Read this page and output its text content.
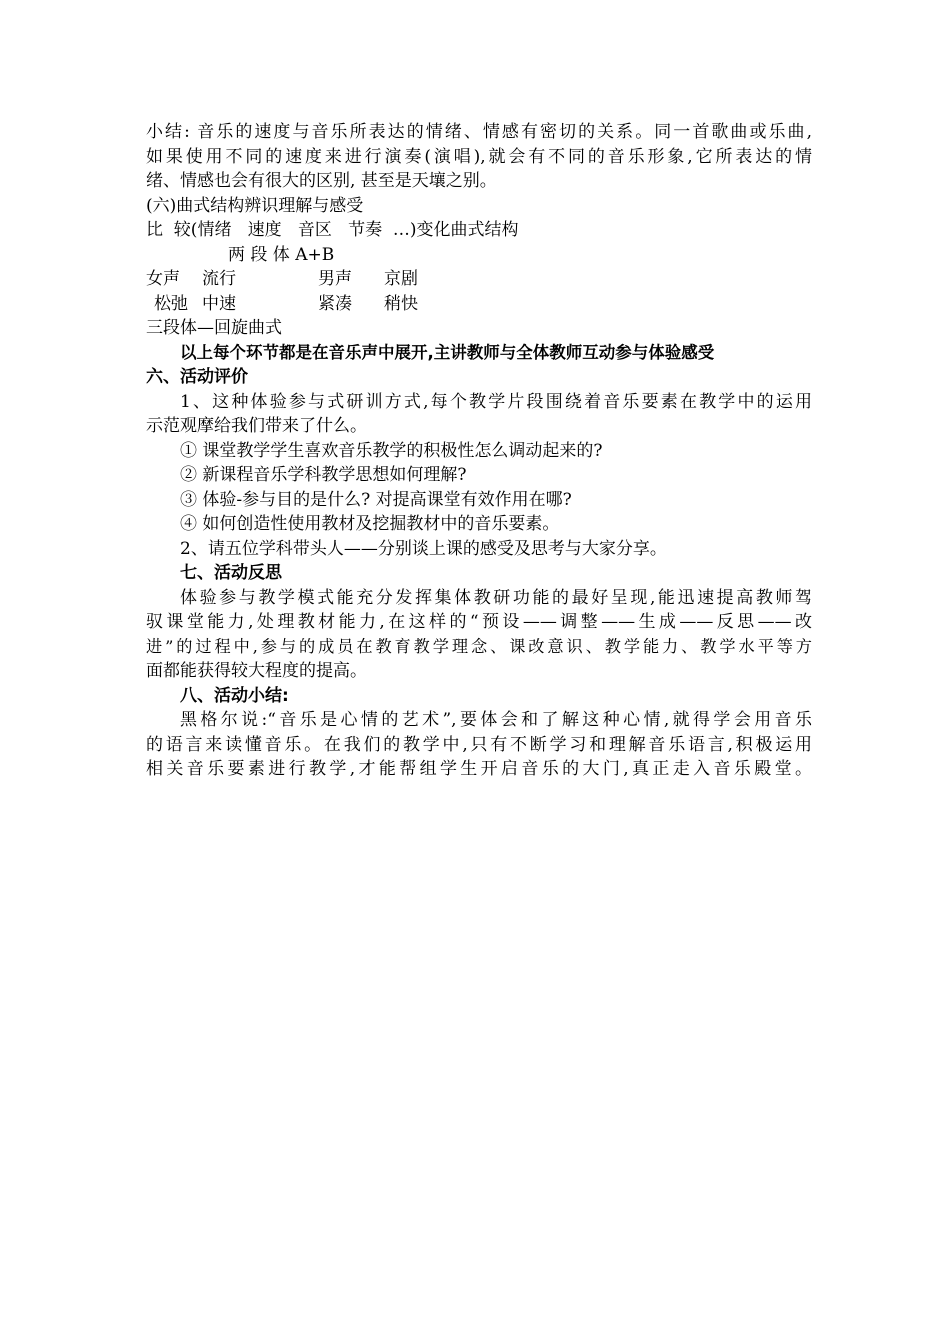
小结: 音乐的速度与音乐所表达的情绪、情感有密切的关系。同一首歌曲或乐曲,
如果使用不同的速度来进行演奏(演唱),就会有不同的音乐形象,它所表达的情
绪、情感也会有很大的区别, 甚至是天壤之别。
(六)曲式结构辨识理解与感受
比  较(情绪   速度   音区   节奏  …)变化曲式结构
两 段 体 A+B
女声 流行	男声 京剧
松弛 中速	紧凑 稍快
三段体—回旋曲式
以上每个环节都是在音乐声中展开,主讲教师与全体教师互动参与体验感受
六、活动评价
1、这种体验参与式研训方式,每个教学片段围绕着音乐要素在教学中的运用
示范观摩给我们带来了什么。
① 课堂教学学生喜欢音乐教学的积极性怎么调动起来的?
② 新课程音乐学科教学思想如何理解?
③ 体验-参与目的是什么? 对提高课堂有效作用在哪?
④ 如何创造性使用教材及挖掘教材中的音乐要素。
2、请五位学科带头人——分别谈上课的感受及思考与大家分享。
七、活动反思
体验参与教学模式能充分发挥集体教研功能的最好呈现,能迅速提高教师驾
驭课堂能力,处理教材能力,在这样的“预设——调整——生成——反思——改
进”的过程中,参与的成员在教育教学理念、课改意识、教学能力、教学水平等方
面都能获得较大程度的提高。
八、活动小结:
黑格尔说:“音乐是心情的艺术”,要体会和了解这种心情,就得学会用音乐
的语言来读懂音乐。在我们的教学中,只有不断学习和理解音乐语言,积极运用
相关音乐要素进行教学,才能帮组学生开启音乐的大门,真正走入音乐殿堂。
